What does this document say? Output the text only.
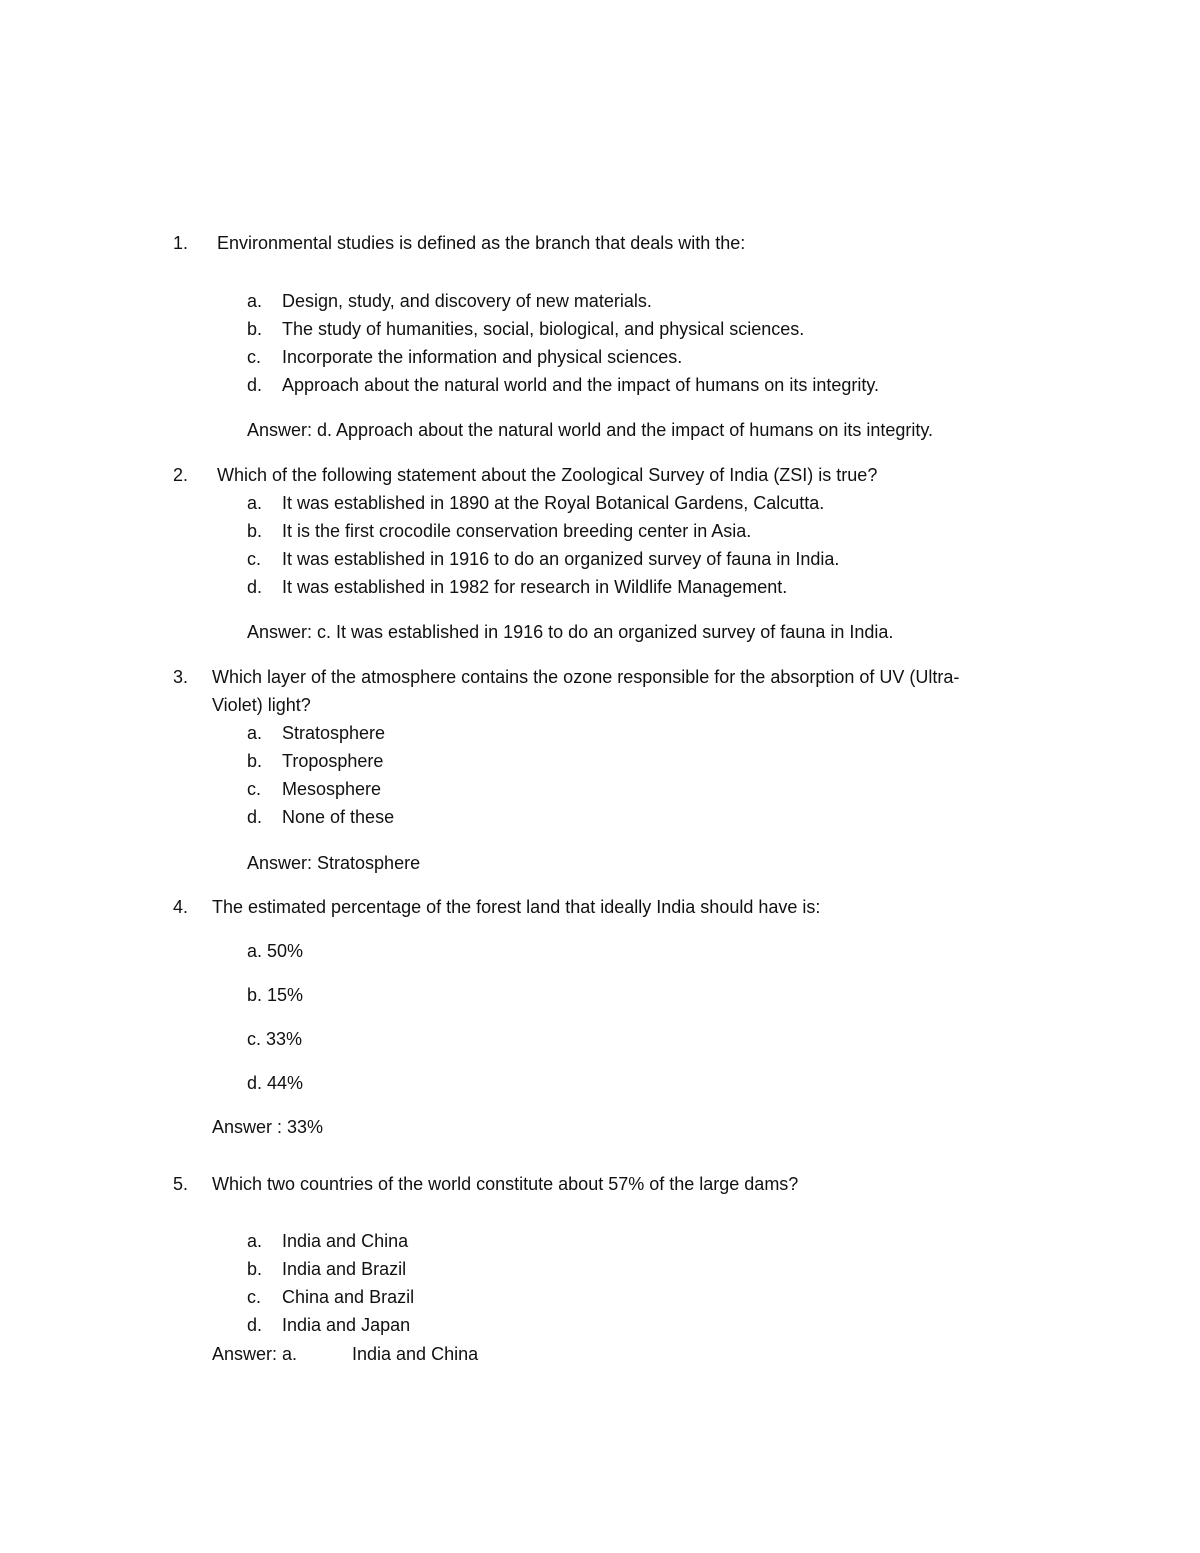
1. Environmental studies is defined as the branch that deals with the:
a. Design, study, and discovery of new materials.
b. The study of humanities, social, biological, and physical sciences.
c. Incorporate the information and physical sciences.
d. Approach about the natural world and the impact of humans on its integrity.
Answer: d. Approach about the natural world and the impact of humans on its integrity.
2. Which of the following statement about the Zoological Survey of India (ZSI) is true?
a. It was established in 1890 at the Royal Botanical Gardens, Calcutta.
b. It is the first crocodile conservation breeding center in Asia.
c. It was established in 1916 to do an organized survey of fauna in India.
d. It was established in 1982 for research in Wildlife Management.
Answer: c. It was established in 1916 to do an organized survey of fauna in India.
3. Which layer of the atmosphere contains the ozone responsible for the absorption of UV (Ultra-
Violet) light?
a. Stratosphere
b. Troposphere
c. Mesosphere
d. None of these
Answer: Stratosphere
4. The estimated percentage of the forest land that ideally India should have is:
a. 50%
b. 15%
c. 33%
d. 44%
Answer : 33%
5. Which two countries of the world constitute about 57% of the large dams?
a. India and China
b. India and Brazil
c. China and Brazil
d. India and Japan
Answer: a.	India and China
